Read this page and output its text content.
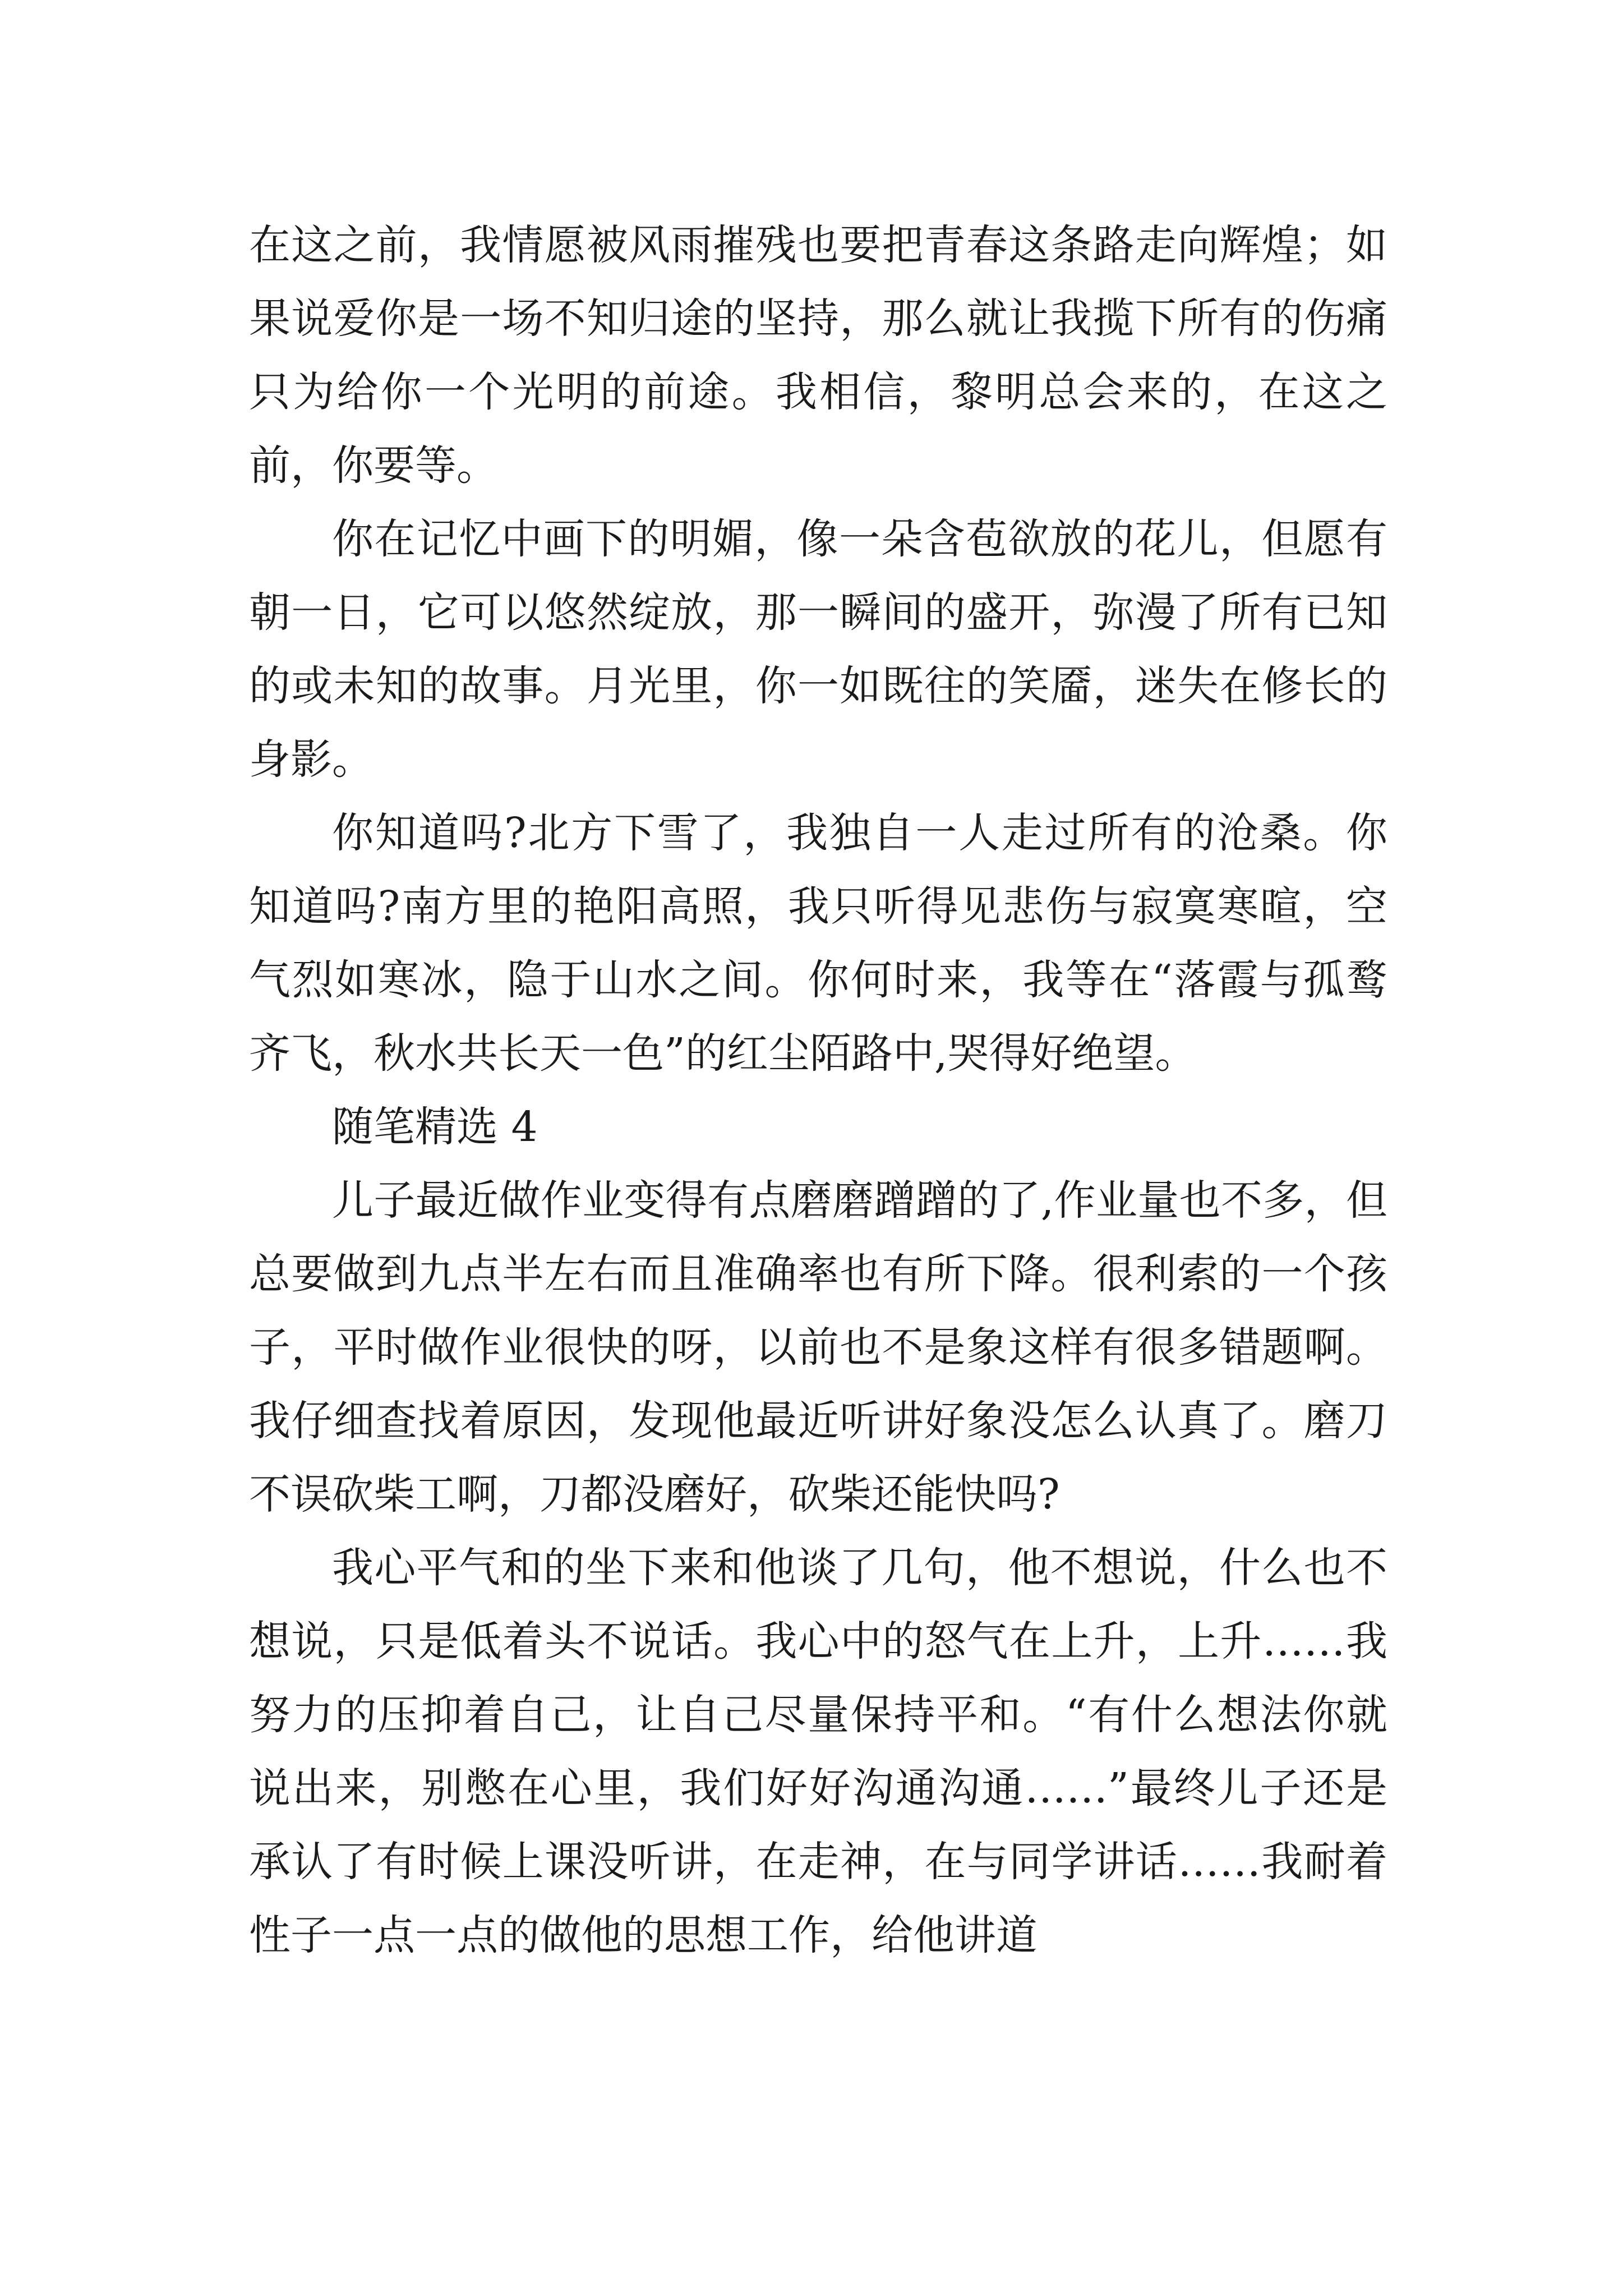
在这之前，我情愿被风雨摧残也要把青春这条路走向辉煌；如果说爱你是一场不知归途的坚持，那么就让我揽下所有的伤痛只为给你一个光明的前途。我相信，黎明总会来的，在这之前，你要等。

你在记忆中画下的明媚，像一朵含苞欲放的花儿，但愿有朝一日，它可以悠然绽放，那一瞬间的盛开，弥漫了所有已知的或未知的故事。月光里，你一如既往的笑靥，迷失在修长的身影。

你知道吗?北方下雪了，我独自一人走过所有的沧桑。你知道吗?南方里的艳阳高照，我只听得见悲伤与寂寞寒暄，空气烈如寒冰，隐于山水之间。你何时来，我等在“落霞与孤鹜齐飞，秋水共长天一色”的红尘陌路中,哭得好绝望。

随笔精选 4

儿子最近做作业变得有点磨磨蹭蹭的了,作业量也不多，但总要做到九点半左右而且准确率也有所下降。很利索的一个孩子，平时做作业很快的呀，以前也不是象这样有很多错题啊。我仔细查找着原因，发现他最近听讲好象没怎么认真了。磨刀不误砍柴工啊，刀都没磨好，砍柴还能快吗?

我心平气和的坐下来和他谈了几句，他不想说，什么也不想说，只是低着头不说话。我心中的怒气在上升，上升……我努力的压抑着自己，让自己尽量保持平和。“有什么想法你就说出来，别憋在心里，我们好好沟通沟通……”最终儿子还是承认了有时候上课没听讲，在走神，在与同学讲话……我耐着性子一点一点的做他的思想工作，给他讲道
